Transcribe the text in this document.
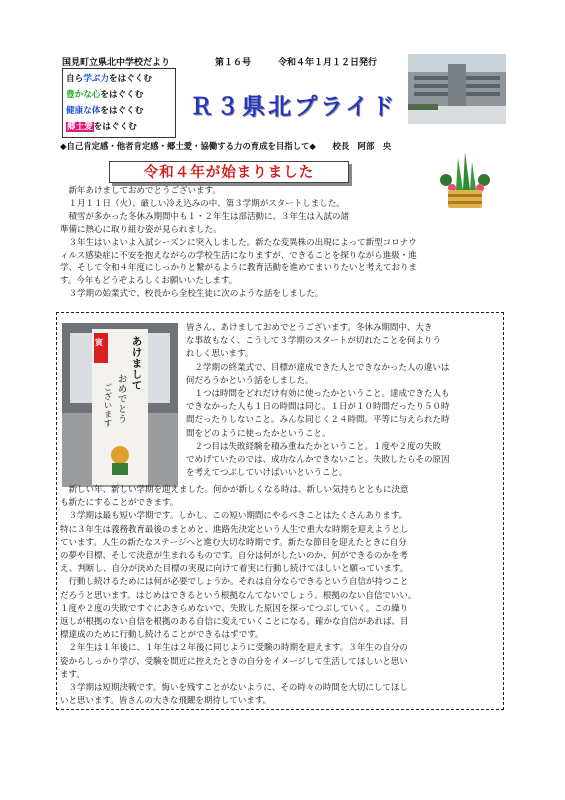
国見町立県北中学校だより	第１６号	令和４年１月１２日発行
自ら学ぶ力をはぐくむ
豊かな心をはぐくむ
健康な体をはぐくむ
郷土愛をはぐくむ
Ｒ３県北プライド
◆自己肯定感・他者肯定感・郷土愛・協働する力の育成を目指して◆　　校長　阿部　央
令和４年が始まりました
　新年あけましておめでとうございます。
　１月１１日（火）、厳しい冷え込みの中、第３学期がスタートしました。
　積雪が多かった冬休み期間中も１・２年生は部活動に、３年生は入試の諸
準備に熱心に取り組む姿が見られました。
　３年生はいよいよ入試シーズンに突入しました。新たな変異株の出現によって新型コロナウ
ィルス感染症に不安を抱えながらの学校生活になりますが、できることを探りながら進級・進
学、そして令和４年度にしっかりと繋がるように教育活動を進めてまいりたいと考えておりま
す。今年もどうぞよろしくお願いいたします。
　３学期の始業式で、校長から全校生徒に次のような話をしました。
寅	あけまして
おめでとう
ございます
皆さん、あけましておめでとうございます。冬休み期間中、大き
な事故もなく、こうして３学期のスタートが切れたことを何よりう
れしく思います。
　２学期の終業式で、目標が達成できた人とできなかった人の違いは
何だろうかという話をしました。
　１つは時間をどれだけ有効に使ったかということ。達成できた人も
できなかった人も１日の時間は同じ。１日が１０時間だったり５０時
間だったりしないこと。みんな同じく２４時間。平等に与えられた時
間をどのように使ったかということ。
　２つ目は失敗経験を積み重ねたかということ。１度や２度の失敗
でめげていたのでは、成功なんかできないこと。失敗したらその原因
を考えてつぶしていけばいいということ。
　新しい年、新しい学期を迎えました。何かが新しくなる時は、新しい気持ちとともに決意
も新たにすることができます。
　３学期は最も短い学期です。しかし、この短い期間にやるべきことはたくさんあります。
特に３年生は義務教育最後のまとめと、進路先決定という人生で重大な時期を迎えようとし
ています。人生の新たなステージへと進む大切な時期です。新たな節目を迎えたときに自分
の夢や目標、そして決意が生まれるものです。自分は何がしたいのか、何ができるのかを考
え、判断し、自分が決めた目標の実現に向けて着実に行動し続けてほしいと願っています。
　行動し続けるためには何が必要でしょうか。それは自分ならできるという自信が持つこと
だろうと思います。はじめはできるという根拠なんてないでしょう。根拠のない自信でいい。
１度や２度の失敗ですぐにあきらめないで、失敗した原因を探ってつぶしていく。この繰り
返しが根拠のない自信を根拠のある自信に変えていくことになる。確かな自信があれば、目
標達成のために行動し続けることができるはずです。
　２年生は１年後に、１年生は２年後に同じように受験の時期を迎えます。３年生の自分の
姿からしっかり学び、受験を間近に控えたときの自分をイメージして生活してほしいと思い
ます。
　３学期は短期決戦です。悔いを残すことがないように、その時々の時間を大切にしてほし
いと思います。皆さんの大きな飛躍を期待しています。
